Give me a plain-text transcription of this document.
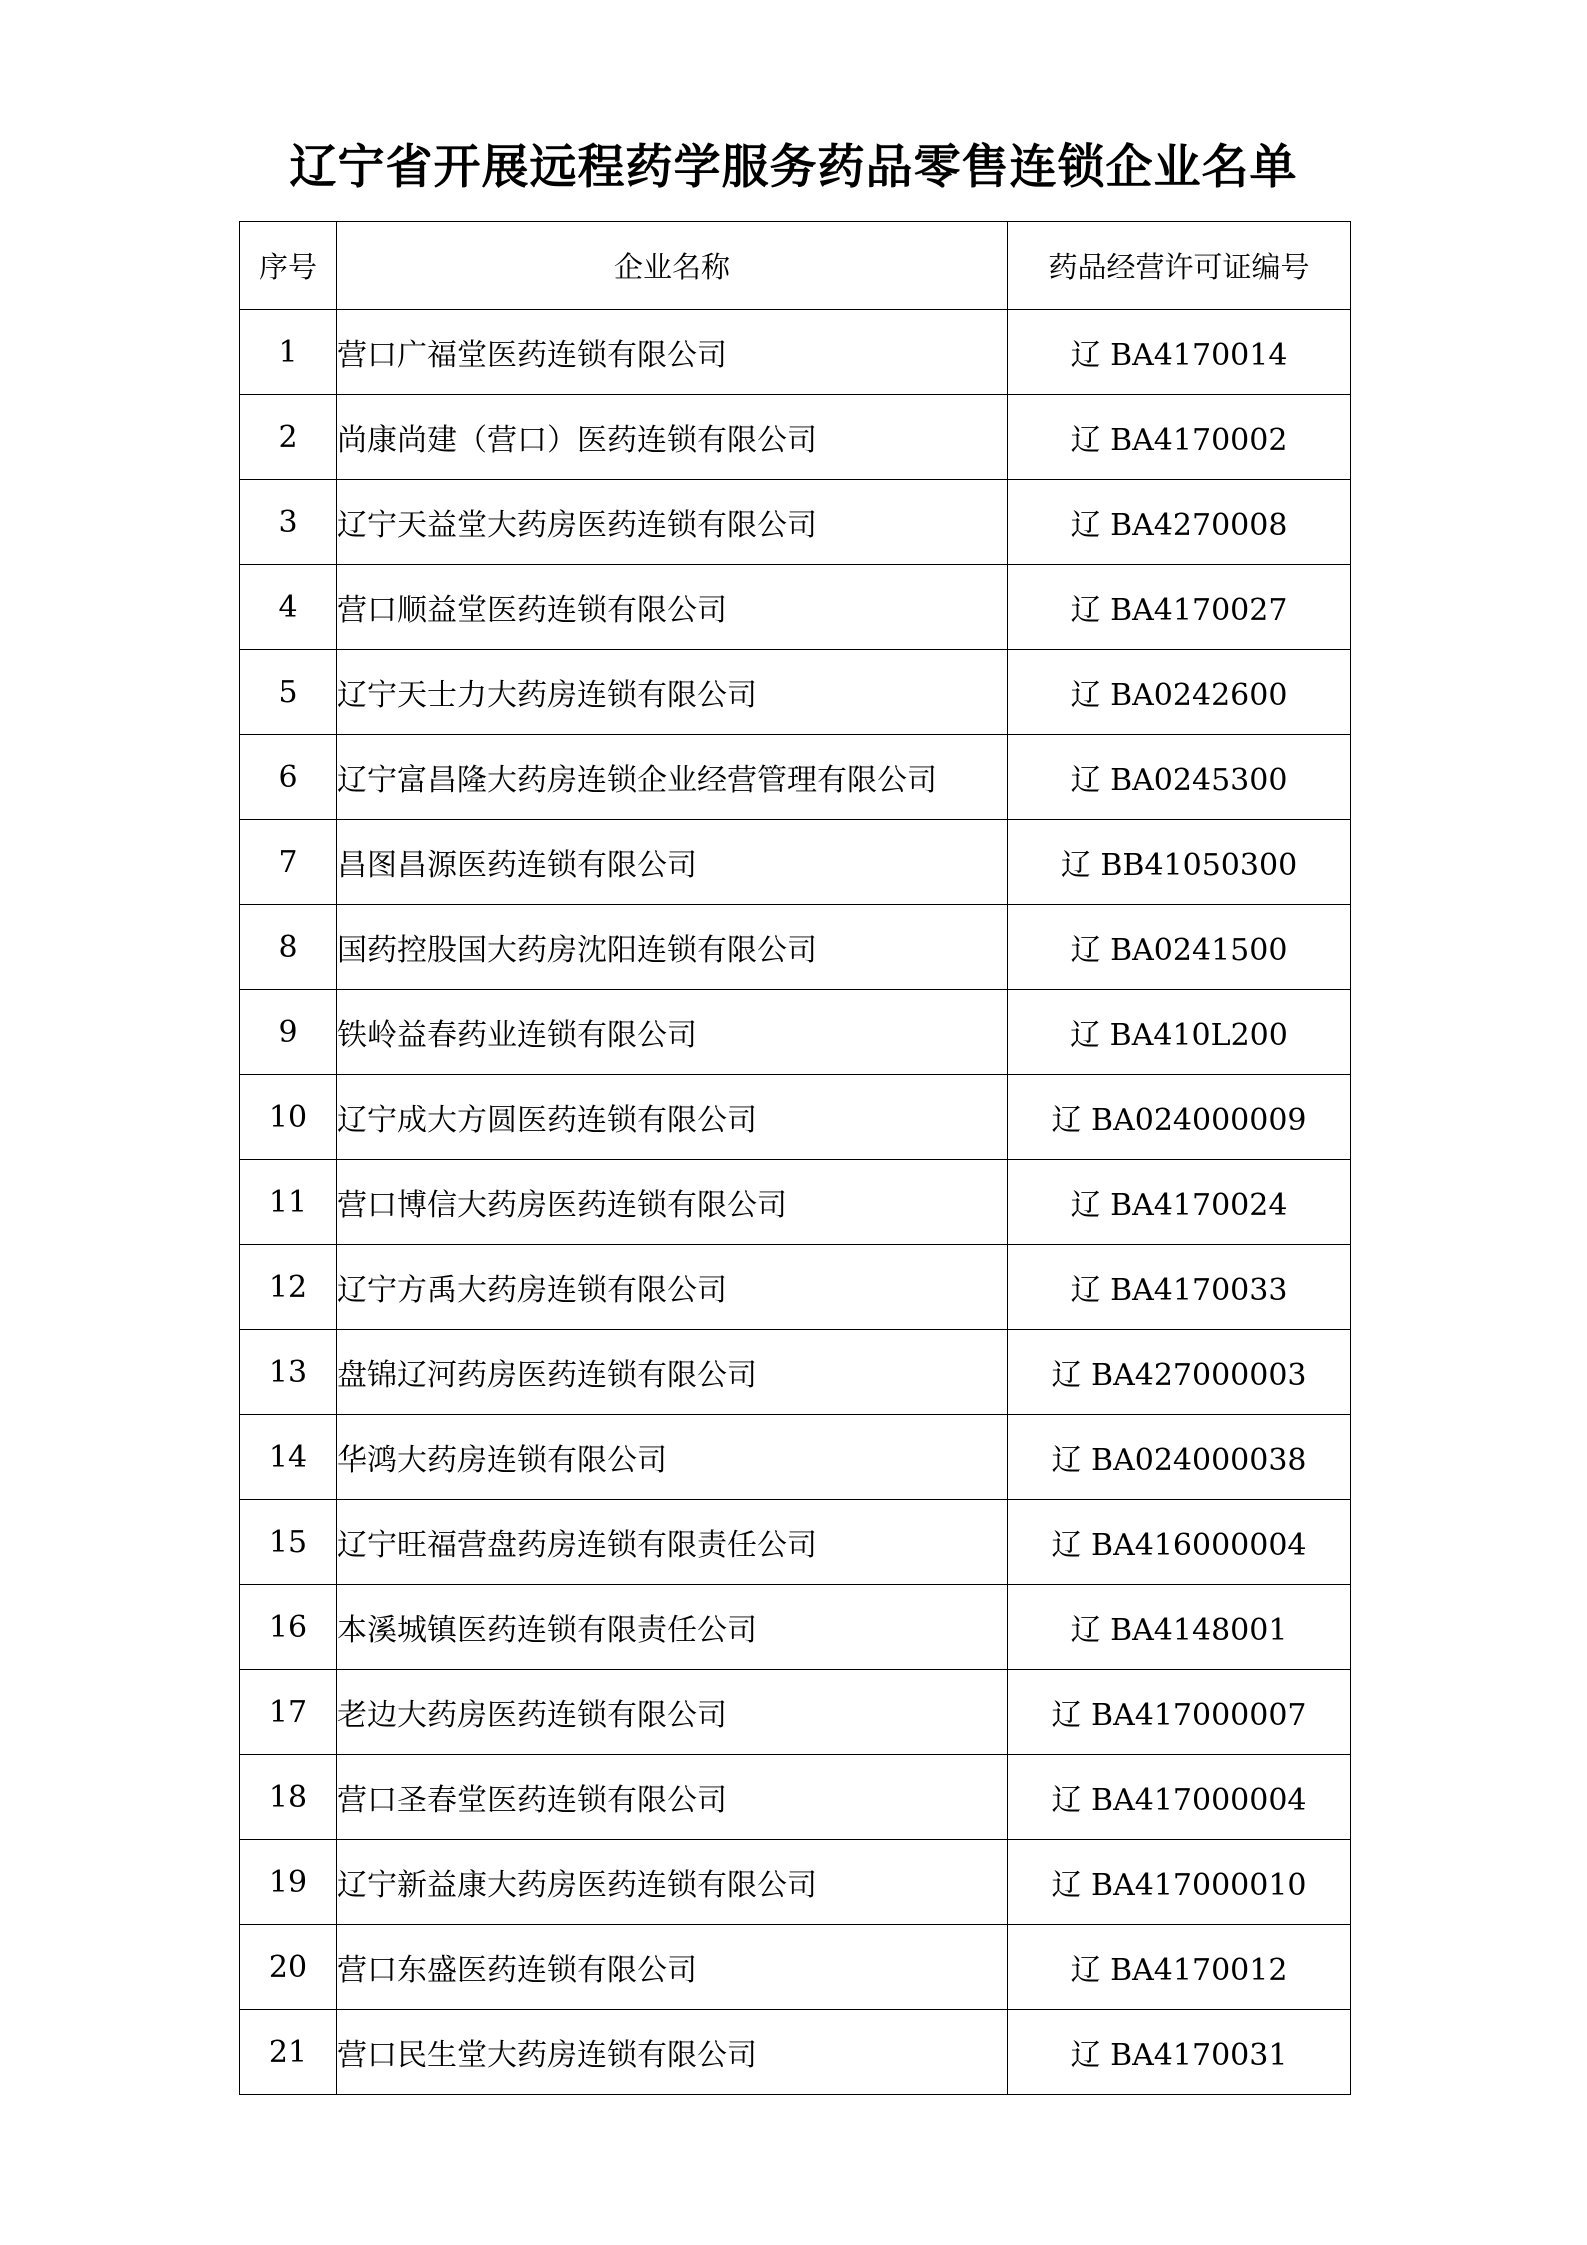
辽宁省开展远程药学服务药品零售连锁企业名单
序号	企业名称	药品经营许可证编号
1	营口广福堂医药连锁有限公司	辽 BA4170014
2	尚康尚建（营口）医药连锁有限公司	辽 BA4170002
3	辽宁天益堂大药房医药连锁有限公司	辽 BA4270008
4	营口顺益堂医药连锁有限公司	辽 BA4170027
5	辽宁天士力大药房连锁有限公司	辽 BA0242600
6	辽宁富昌隆大药房连锁企业经营管理有限公司	辽 BA0245300
7	昌图昌源医药连锁有限公司	辽 BB41050300
8	国药控股国大药房沈阳连锁有限公司	辽 BA0241500
9	铁岭益春药业连锁有限公司	辽 BA410L200
10	辽宁成大方圆医药连锁有限公司	辽 BA024000009
11	营口博信大药房医药连锁有限公司	辽 BA4170024
12	辽宁方禹大药房连锁有限公司	辽 BA4170033
13	盘锦辽河药房医药连锁有限公司	辽 BA427000003
14	华鸿大药房连锁有限公司	辽 BA024000038
15	辽宁旺福营盘药房连锁有限责任公司	辽 BA416000004
16	本溪城镇医药连锁有限责任公司	辽 BA4148001
17	老边大药房医药连锁有限公司	辽 BA417000007
18	营口圣春堂医药连锁有限公司	辽 BA417000004
19	辽宁新益康大药房医药连锁有限公司	辽 BA417000010
20	营口东盛医药连锁有限公司	辽 BA4170012
21	营口民生堂大药房连锁有限公司	辽 BA4170031
